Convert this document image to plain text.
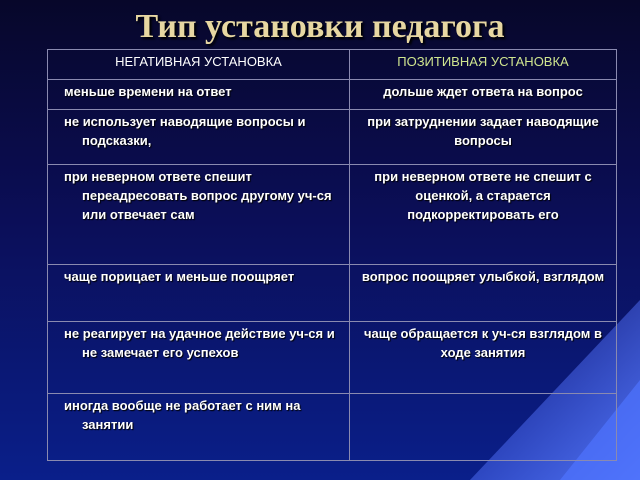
Тип установки педагога
НЕГАТИВНАЯ УСТАНОВКА	ПОЗИТИВНАЯ УСТАНОВКА

меньше времени на ответ	дольше ждет ответа на вопрос

не использует наводящие вопросы и подсказки,	при затруднении задает наводящие вопросы

при неверном ответе спешит переадресовать вопрос другому уч-ся или отвечает сам	при неверном ответе не спешит с оценкой, а старается подкорректировать его

чаще порицает и меньше поощряет	вопрос поощряет улыбкой, взглядом

не реагирует на удачное действие уч-ся и не замечает его успехов	чаще обращается к уч-ся взглядом в ходе занятия

иногда вообще не работает с ним на занятии	
